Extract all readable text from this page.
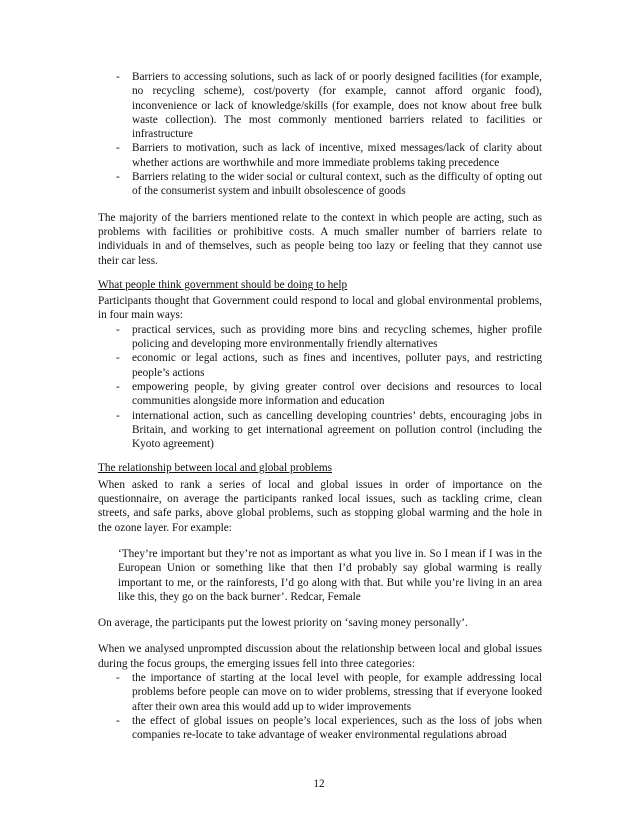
- Barriers to accessing solutions, such as lack of or poorly designed facilities (for example, no recycling scheme), cost/poverty (for example, cannot afford organic food), inconvenience or lack of knowledge/skills (for example, does not know about free bulk waste collection). The most commonly mentioned barriers related to facilities or infrastructure
- Barriers to motivation, such as lack of incentive, mixed messages/lack of clarity about whether actions are worthwhile and more immediate problems taking precedence
- Barriers relating to the wider social or cultural context, such as the difficulty of opting out of the consumerist system and inbuilt obsolescence of goods

The majority of the barriers mentioned relate to the context in which people are acting, such as problems with facilities or prohibitive costs. A much smaller number of barriers relate to individuals in and of themselves, such as people being too lazy or feeling that they cannot use their car less.

What people think government should be doing to help

Participants thought that Government could respond to local and global environmental problems, in four main ways:

- practical services, such as providing more bins and recycling schemes, higher profile policing and developing more environmentally friendly alternatives
- economic or legal actions, such as fines and incentives, polluter pays, and restricting people’s actions
- empowering people, by giving greater control over decisions and resources to local communities alongside more information and education
- international action, such as cancelling developing countries’ debts, encouraging jobs in Britain, and working to get international agreement on pollution control (including the Kyoto agreement)

The relationship between local and global problems

When asked to rank a series of local and global issues in order of importance on the questionnaire, on average the participants ranked local issues, such as tackling crime, clean streets, and safe parks, above global problems, such as stopping global warming and the hole in the ozone layer. For example:

‘They’re important but they’re not as important as what you live in. So I mean if I was in the European Union or something like that then I’d probably say global warming is really important to me, or the rainforests, I’d go along with that. But while you’re living in an area like this, they go on the back burner’. Redcar, Female

On average, the participants put the lowest priority on ‘saving money personally’.

When we analysed unprompted discussion about the relationship between local and global issues during the focus groups, the emerging issues fell into three categories:

- the importance of starting at the local level with people, for example addressing local problems before people can move on to wider problems, stressing that if everyone looked after their own area this would add up to wider improvements
- the effect of global issues on people’s local experiences, such as the loss of jobs when companies re-locate to take advantage of weaker environmental regulations abroad
12
